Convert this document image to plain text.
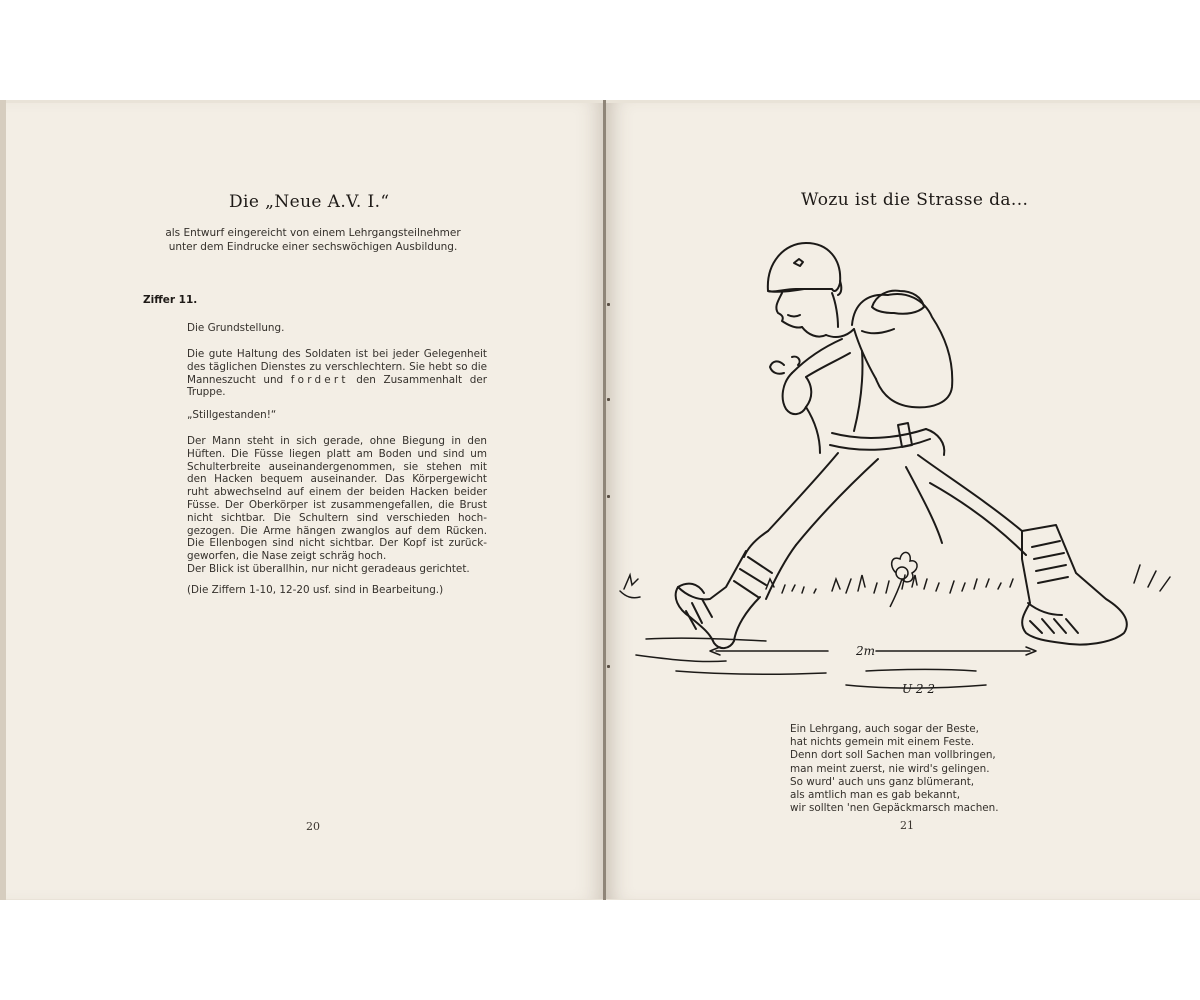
Die „Neue A.V. I.“
als Entwurf eingereicht von einem Lehrgangsteilnehmer
unter dem Eindrucke einer sechswöchigen Ausbildung.
Ziffer 11.
Die Grundstellung.
Die gute Haltung des Soldaten ist bei jeder Gelegenheit
des täglichen Dienstes zu verschlechtern. Sie hebt so die
Manneszucht und fordert den Zusammenhalt der
Truppe.
„Stillgestanden!“
Der Mann steht in sich gerade, ohne Biegung in den
Hüften. Die Füsse liegen platt am Boden und sind um
Schulterbreite auseinandergenommen, sie stehen mit
den Hacken bequem auseinander. Das Körpergewicht
ruht abwechselnd auf einem der beiden Hacken beider
Füsse. Der Oberkörper ist zusammengefallen, die Brust
nicht sichtbar. Die Schultern sind verschieden hoch-
gezogen. Die Arme hängen zwanglos auf dem Rücken.
Die Ellenbogen sind nicht sichtbar. Der Kopf ist zurück-
geworfen, die Nase zeigt schräg hoch.
Der Blick ist überallhin, nur nicht geradeaus gerichtet.
(Die Ziffern 1-10, 12-20 usf. sind in Bearbeitung.)
20
Wozu ist die Strasse da...
2m
U 2 2
Ein Lehrgang, auch sogar der Beste,
hat nichts gemein mit einem Feste.
Denn dort soll Sachen man vollbringen,
man meint zuerst, nie wird's gelingen.
So wurd' auch uns ganz blümerant,
als amtlich man es gab bekannt,
wir sollten 'nen Gepäckmarsch machen.
21
